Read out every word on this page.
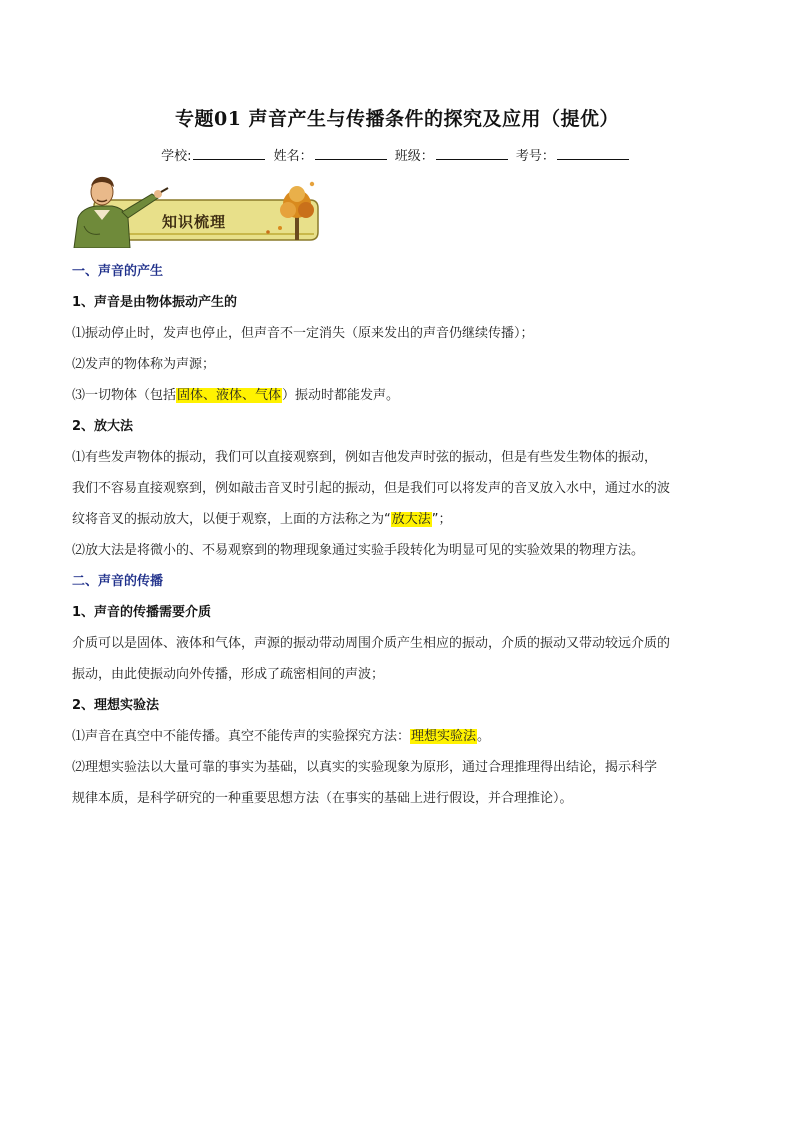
专题01 声音产生与传播条件的探究及应用（提优）
学校:	姓名：	班级：	考号：
知识梳理
一、声音的产生
1、声音是由物体振动产生的
⑴振动停止时，发声也停止，但声音不一定消失（原来发出的声音仍继续传播）；
⑵发声的物体称为声源；
⑶一切物体（包括固体、液体、气体）振动时都能发声。
2、放大法
⑴有些发声物体的振动，我们可以直接观察到，例如吉他发声时弦的振动，但是有些发生物体的振动，
我们不容易直接观察到，例如敲击音叉时引起的振动，但是我们可以将发声的音叉放入水中，通过水的波
纹将音叉的振动放大，以便于观察，上面的方法称之为“放大法”；
⑵放大法是将微小的、不易观察到的物理现象通过实验手段转化为明显可见的实验效果的物理方法。
二、声音的传播
1、声音的传播需要介质
介质可以是固体、液体和气体，声源的振动带动周围介质产生相应的振动，介质的振动又带动较远介质的
振动，由此使振动向外传播，形成了疏密相间的声波；
2、理想实验法
⑴声音在真空中不能传播。真空不能传声的实验探究方法：理想实验法。
⑵理想实验法以大量可靠的事实为基础，以真实的实验现象为原形，通过合理推理得出结论，揭示科学
规律本质，是科学研究的一种重要思想方法（在事实的基础上进行假设，并合理推论）。
